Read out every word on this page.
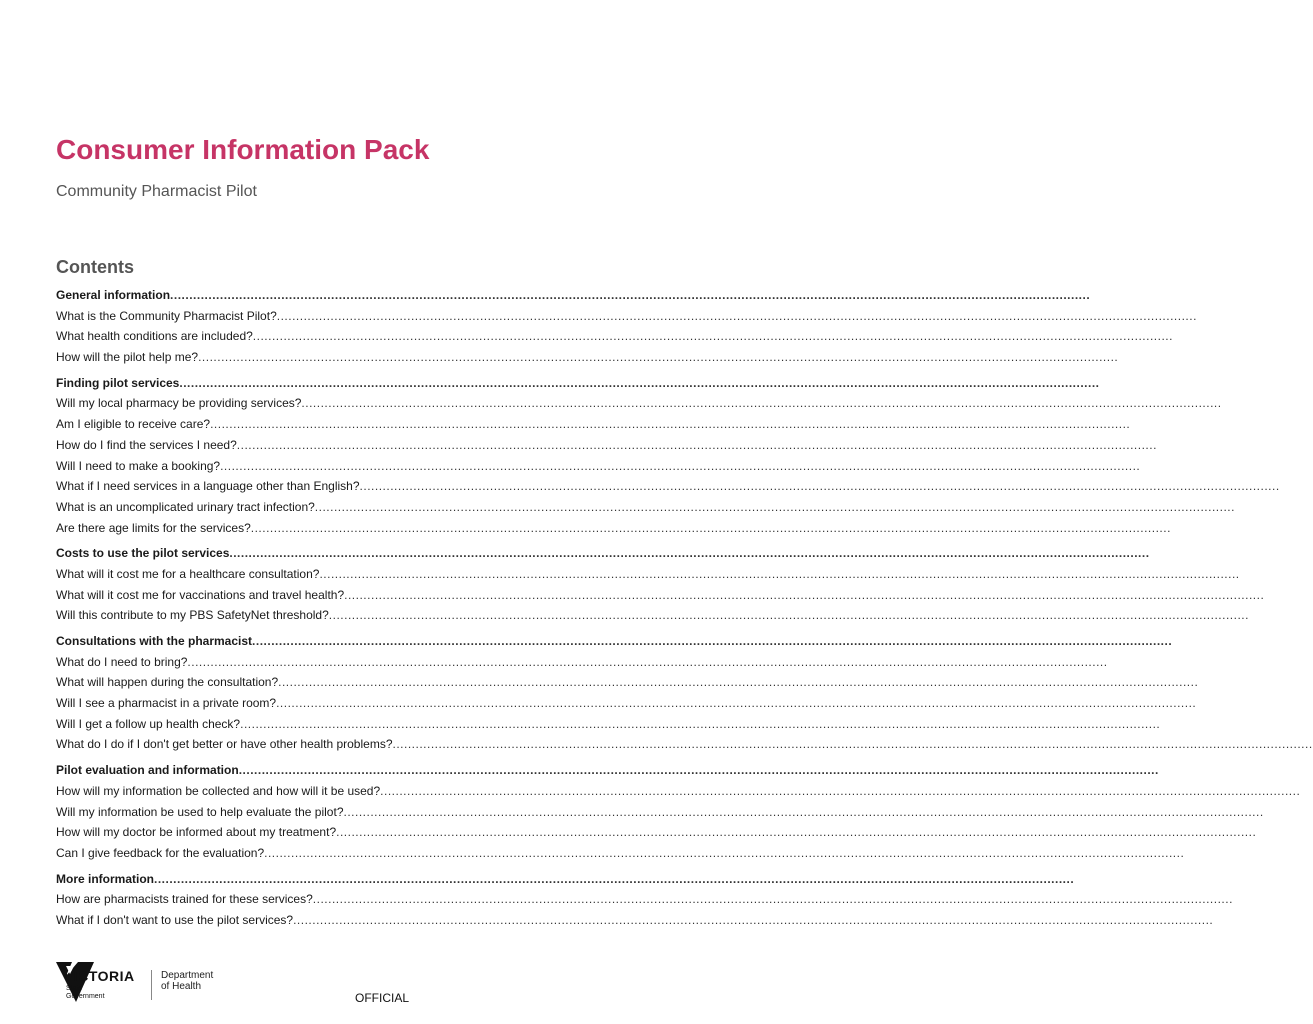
Consumer Information Pack

Community Pharmacist Pilot

Contents
General information ................................................................................................................................................................................................................................................
What is the Community Pharmacist Pilot? ................................................................................................................................................................................................................................................
What health conditions are included? ................................................................................................................................................................................................................................................
How will the pilot help me? ................................................................................................................................................................................................................................................
Finding pilot services ................................................................................................................................................................................................................................................
Will my local pharmacy be providing services? ................................................................................................................................................................................................................................................
Am I eligible to receive care? ................................................................................................................................................................................................................................................
How do I find the services I need? ................................................................................................................................................................................................................................................
Will I need to make a booking? ................................................................................................................................................................................................................................................
What if I need services in a language other than English? ................................................................................................................................................................................................................................................
What is an uncomplicated urinary tract infection? ................................................................................................................................................................................................................................................
Are there age limits for the services? ................................................................................................................................................................................................................................................
Costs to use the pilot services ................................................................................................................................................................................................................................................
What will it cost me for a healthcare consultation? ................................................................................................................................................................................................................................................
What will it cost me for vaccinations and travel health? ................................................................................................................................................................................................................................................
Will this contribute to my PBS SafetyNet threshold? ................................................................................................................................................................................................................................................
Consultations with the pharmacist ................................................................................................................................................................................................................................................
What do I need to bring? ................................................................................................................................................................................................................................................
What will happen during the consultation? ................................................................................................................................................................................................................................................
Will I see a pharmacist in a private room? ................................................................................................................................................................................................................................................
Will I get a follow up health check? ................................................................................................................................................................................................................................................
What do I do if I don't get better or have other health problems? ................................................................................................................................................................................................................................................
Pilot evaluation and information ................................................................................................................................................................................................................................................
How will my information be collected and how will it be used? ................................................................................................................................................................................................................................................
Will my information be used to help evaluate the pilot? ................................................................................................................................................................................................................................................
How will my doctor be informed about my treatment? ................................................................................................................................................................................................................................................
Can I give feedback for the evaluation? ................................................................................................................................................................................................................................................
More information ................................................................................................................................................................................................................................................
How are pharmacists trained for these services? ................................................................................................................................................................................................................................................
What if I don't want to use the pilot services? ................................................................................................................................................................................................................................................
VICTORIA
State
Government
Department
of Health
OFFICIAL
